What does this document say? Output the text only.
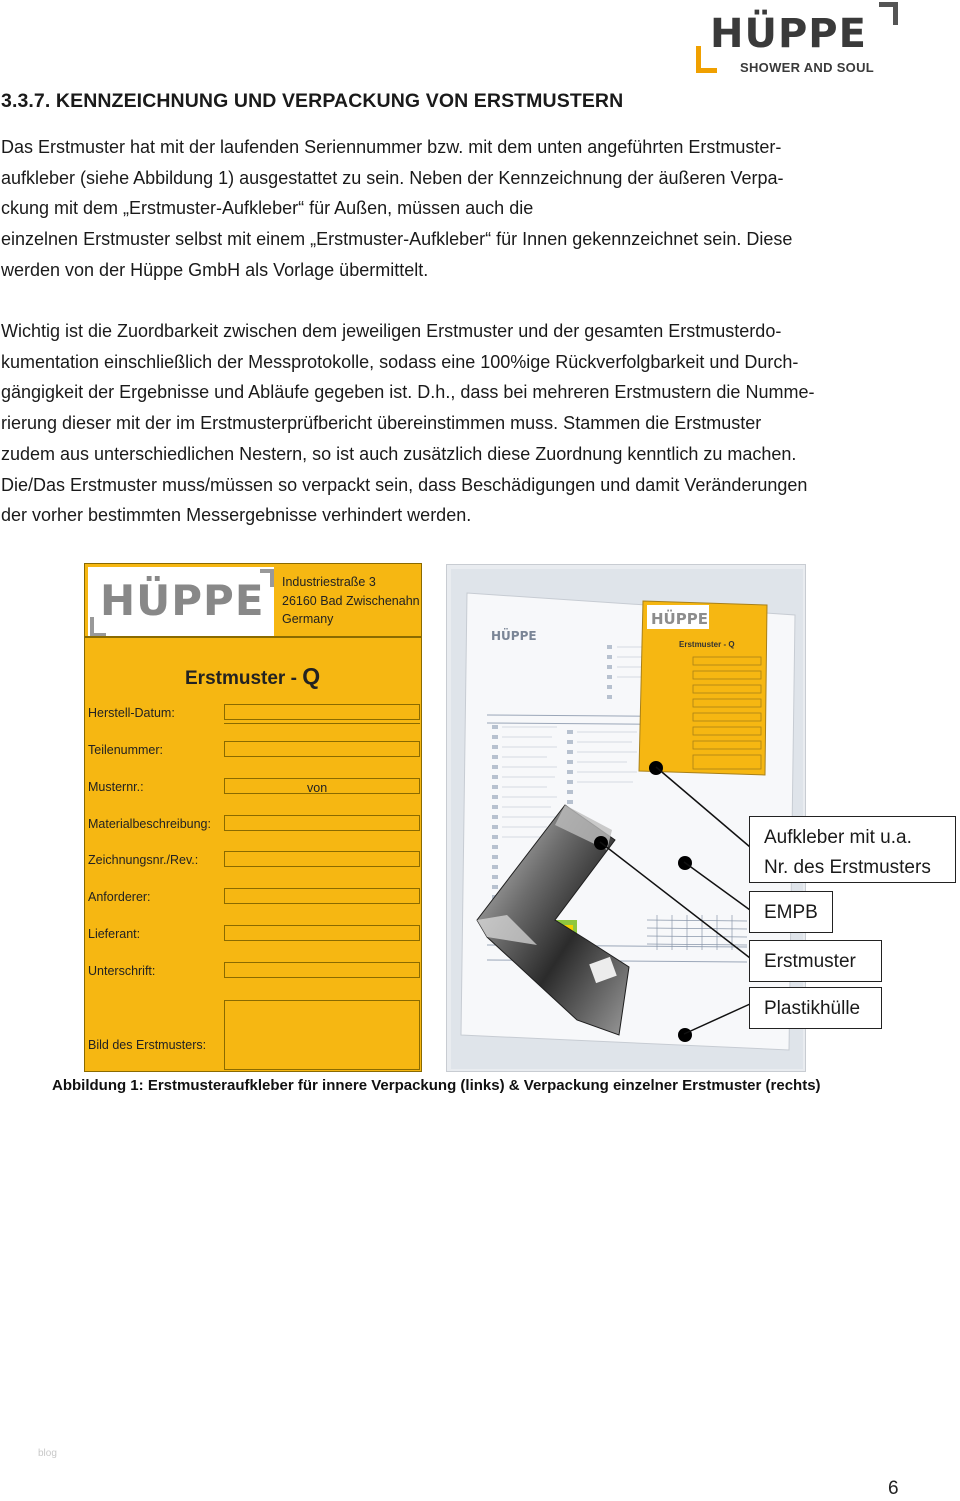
HÜPPE
SHOWER AND SOUL
3.3.7. KENNZEICHNUNG UND VERPACKUNG VON ERSTMUSTERN
Das Erstmuster hat mit der laufenden Seriennummer bzw. mit dem unten angeführten Erstmuster-
aufkleber (siehe Abbildung 1) ausgestattet zu sein. Neben der Kennzeichnung der äußeren Verpa-
ckung mit dem „Erstmuster-Aufkleber“ für Außen, müssen auch die
einzelnen Erstmuster selbst mit einem „Erstmuster-Aufkleber“ für Innen gekennzeichnet sein. Diese
werden von der Hüppe GmbH als Vorlage übermittelt.
Wichtig ist die Zuordbarkeit zwischen dem jeweiligen Erstmuster und der gesamten Erstmusterdo-
kumentation einschließlich der Messprotokolle, sodass eine 100%ige Rückverfolgbarkeit und Durch-
gängigkeit der Ergebnisse und Abläufe gegeben ist. D.h., dass bei mehreren Erstmustern die Numme-
rierung dieser mit der im Erstmusterprüfbericht übereinstimmen muss. Stammen die Erstmuster
zudem aus unterschiedlichen Nestern, so ist auch zusätzlich diese Zuordnung kenntlich zu machen.
Die/Das Erstmuster muss/müssen so verpackt sein, dass Beschädigungen und damit Veränderungen
der vorher bestimmten Messergebnisse verhindert werden.
HÜPPE Industriestraße 3
26160 Bad Zwischenahn
Germany
Erstmuster - Q
Herstell-Datum:
Teilenummer:
Musternr.:	von
Materialbeschreibung:
Zeichnungsnr./Rev.:
Anforderer:
Lieferant:
Unterschrift:
Bild des Erstmusters:
HÜPPE
HÜPPE
Erstmuster - Q
Aufkleber mit u.a.
Nr. des Erstmusters
EMPB
Erstmuster
Plastikhülle
Abbildung 1: Erstmusteraufkleber für innere Verpackung (links) & Verpackung einzelner Erstmuster (rechts)
blog
6
